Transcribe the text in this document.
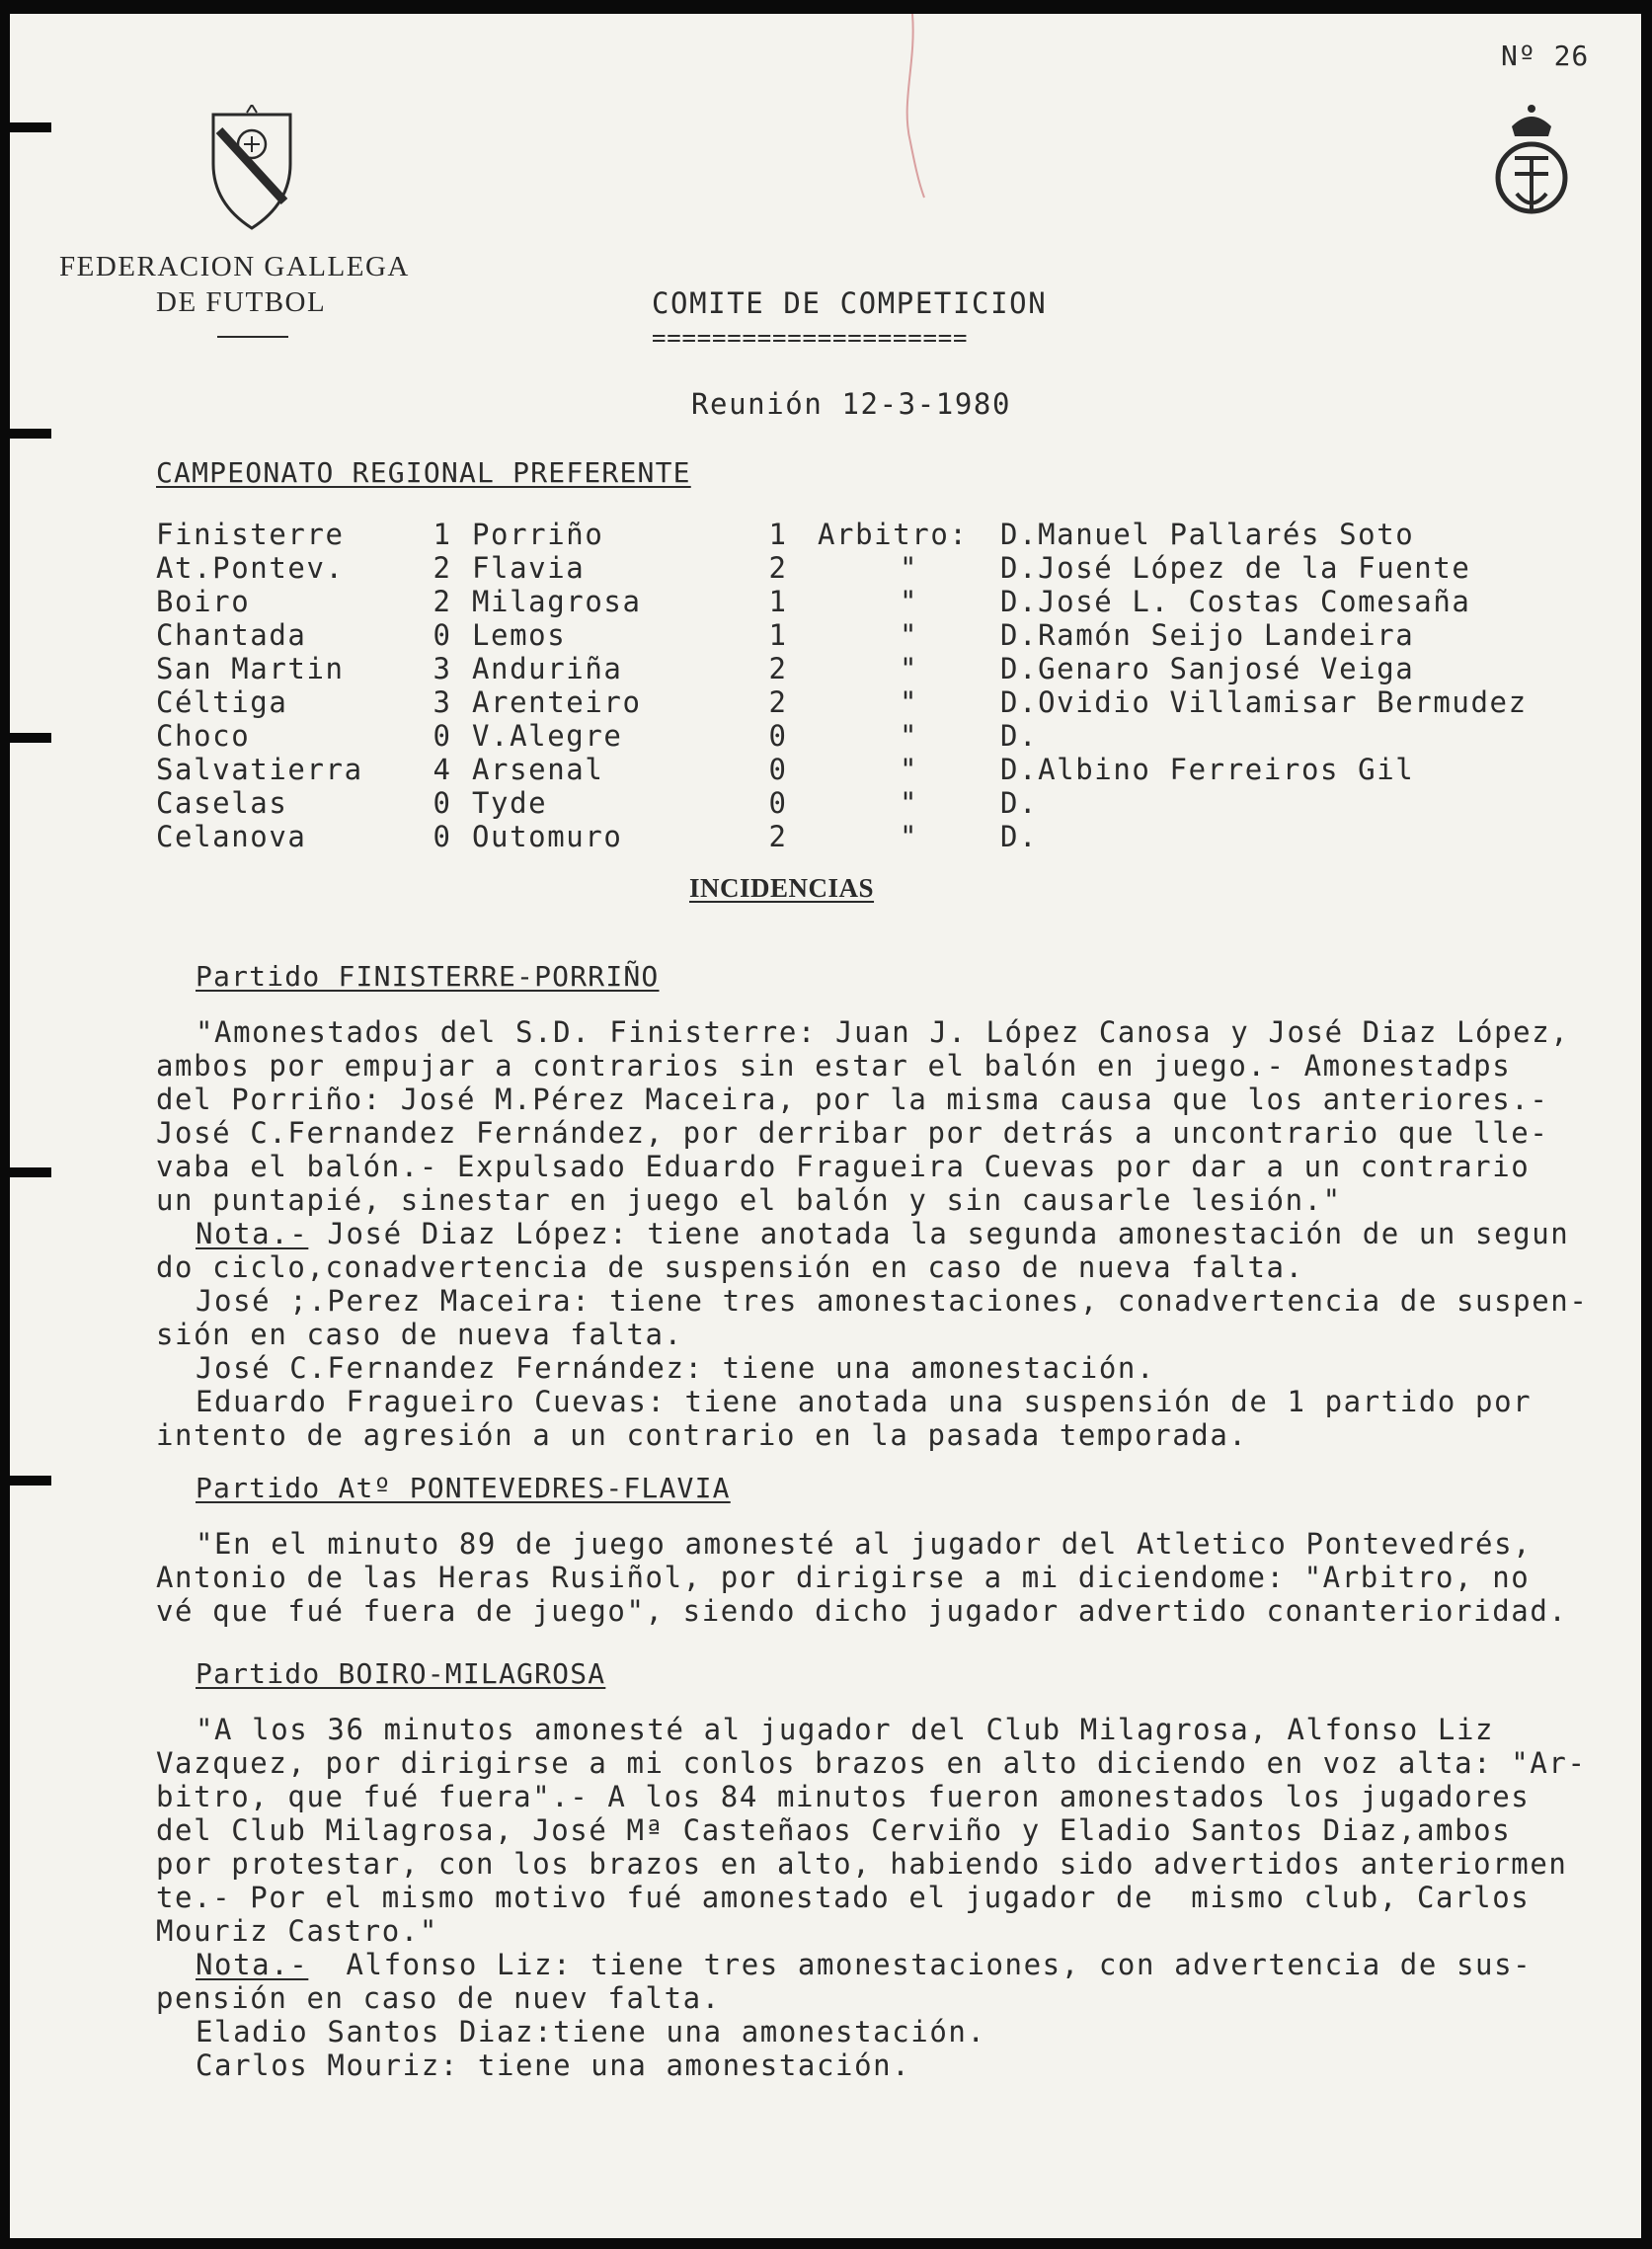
FEDERACION GALLEGA
DE FUTBOL
Nº 26
COMITE DE COMPETICION
=====================
Reunión 12-3-1980
CAMPEONATO REGIONAL PREFERENTE
Finisterre	1	Porriño	1	Arbitro:	D.Manuel Pallarés Soto
At.Pontev.	2	Flavia	2	"	D.José López de la Fuente
Boiro	2	Milagrosa	1	"	D.José L. Costas Comesaña
Chantada	0	Lemos	1	"	D.Ramón Seijo Landeira
San Martin	3	Anduriña	2	"	D.Genaro Sanjosé Veiga
Céltiga	3	Arenteiro	2	"	D.Ovidio Villamisar Bermudez
Choco	0	V.Alegre	0	"	D.
Salvatierra	4	Arsenal	0	"	D.Albino Ferreiros Gil
Caselas	0	Tyde	0	"	D.
Celanova	0	Outomuro	2	"	D.
INCIDENCIAS
Partido FINISTERRE-PORRIÑO
"Amonestados del S.D. Finisterre: Juan J. López Canosa y José Diaz López,
ambos por empujar a contrarios sin estar el balón en juego.- Amonestadps
del Porriño: José M.Pérez Maceira, por la misma causa que los anteriores.-
José C.Fernandez Fernández, por derribar por detrás a uncontrario que lle-
vaba el balón.- Expulsado Eduardo Fragueira Cuevas por dar a un contrario
un puntapié, sinestar en juego el balón y sin causarle lesión."
Nota.- José Diaz López: tiene anotada la segunda amonestación de un segun
do ciclo,conadvertencia de suspensión en caso de nueva falta.
José ;.Perez Maceira: tiene tres amonestaciones, conadvertencia de suspen-
sión en caso de nueva falta.
José C.Fernandez Fernández: tiene una amonestación.
Eduardo Fragueiro Cuevas: tiene anotada una suspensión de 1 partido por
intento de agresión a un contrario en la pasada temporada.
Partido Atº PONTEVEDRES-FLAVIA
"En el minuto 89 de juego amonesté al jugador del Atletico Pontevedrés,
Antonio de las Heras Rusiñol, por dirigirse a mi diciendome: "Arbitro, no
vé que fué fuera de juego", siendo dicho jugador advertido conanterioridad.
Partido BOIRO-MILAGROSA
"A los 36 minutos amonesté al jugador del Club Milagrosa, Alfonso Liz
Vazquez, por dirigirse a mi conlos brazos en alto diciendo en voz alta: "Ar-
bitro, que fué fuera".- A los 84 minutos fueron amonestados los jugadores
del Club Milagrosa, José Mª Casteñaos Cerviño y Eladio Santos Diaz,ambos
por protestar, con los brazos en alto, habiendo sido advertidos anteriormen
te.- Por el mismo motivo fué amonestado el jugador de  mismo club, Carlos
Mouriz Castro."
Nota.-  Alfonso Liz: tiene tres amonestaciones, con advertencia de sus-
pensión en caso de nuev falta.
Eladio Santos Diaz:tiene una amonestación.
Carlos Mouriz: tiene una amonestación.
